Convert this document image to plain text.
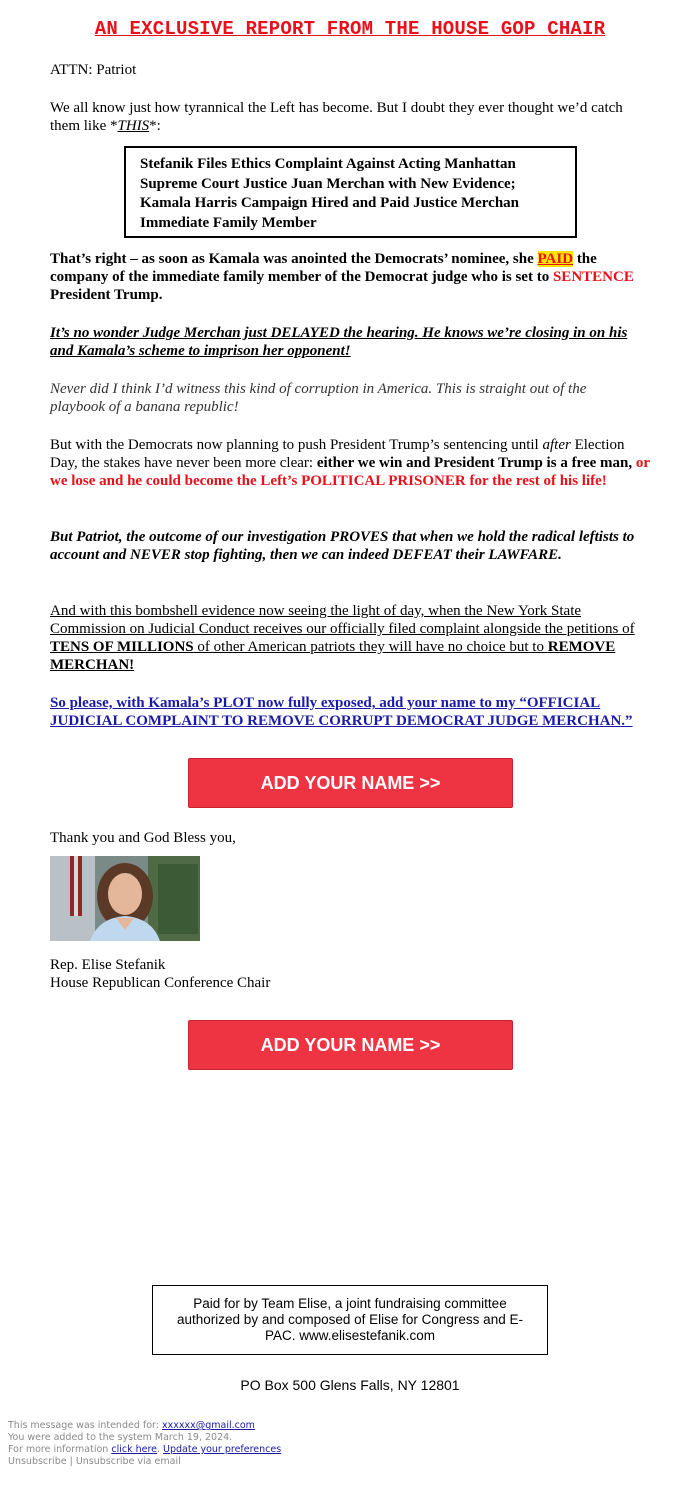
AN EXCLUSIVE REPORT FROM THE HOUSE GOP CHAIR

ATTN: Patriot

We all know just how tyrannical the Left has become. But I doubt they ever thought we’d catch them like *THIS*:

Stefanik Files Ethics Complaint Against Acting Manhattan Supreme Court Justice Juan Merchan with New Evidence; Kamala Harris Campaign Hired and Paid Justice Merchan Immediate Family Member

That’s right – as soon as Kamala was anointed the Democrats’ nominee, she PAID the company of the immediate family member of the Democrat judge who is set to SENTENCE President Trump.

It’s no wonder Judge Merchan just DELAYED the hearing. He knows we’re closing in on his and Kamala’s scheme to imprison her opponent!

Never did I think I’d witness this kind of corruption in America. This is straight out of the playbook of a banana republic!

But with the Democrats now planning to push President Trump’s sentencing until after Election Day, the stakes have never been more clear: either we win and President Trump is a free man, or we lose and he could become the Left’s POLITICAL PRISONER for the rest of his life!

But Patriot, the outcome of our investigation PROVES that when we hold the radical leftists to account and NEVER stop fighting, then we can indeed DEFEAT their LAWFARE.

And with this bombshell evidence now seeing the light of day, when the New York State Commission on Judicial Conduct receives our officially filed complaint alongside the petitions of TENS OF MILLIONS of other American patriots they will have no choice but to REMOVE MERCHAN!

So please, with Kamala’s PLOT now fully exposed, add your name to my “OFFICIAL JUDICIAL COMPLAINT TO REMOVE CORRUPT DEMOCRAT JUDGE MERCHAN.”

ADD YOUR NAME >>

Thank you and God Bless you,

Rep. Elise Stefanik

House Republican Conference Chair

ADD YOUR NAME >>
Paid for by Team Elise, a joint fundraising committee authorized by and composed of Elise for Congress and E-PAC. www.elisestefanik.com
PO Box 500 Glens Falls, NY 12801
This message was intended for: xxxxxx@gmail.com
You were added to the system March 19, 2024.
For more information click here. Update your preferences
Unsubscribe | Unsubscribe via email
